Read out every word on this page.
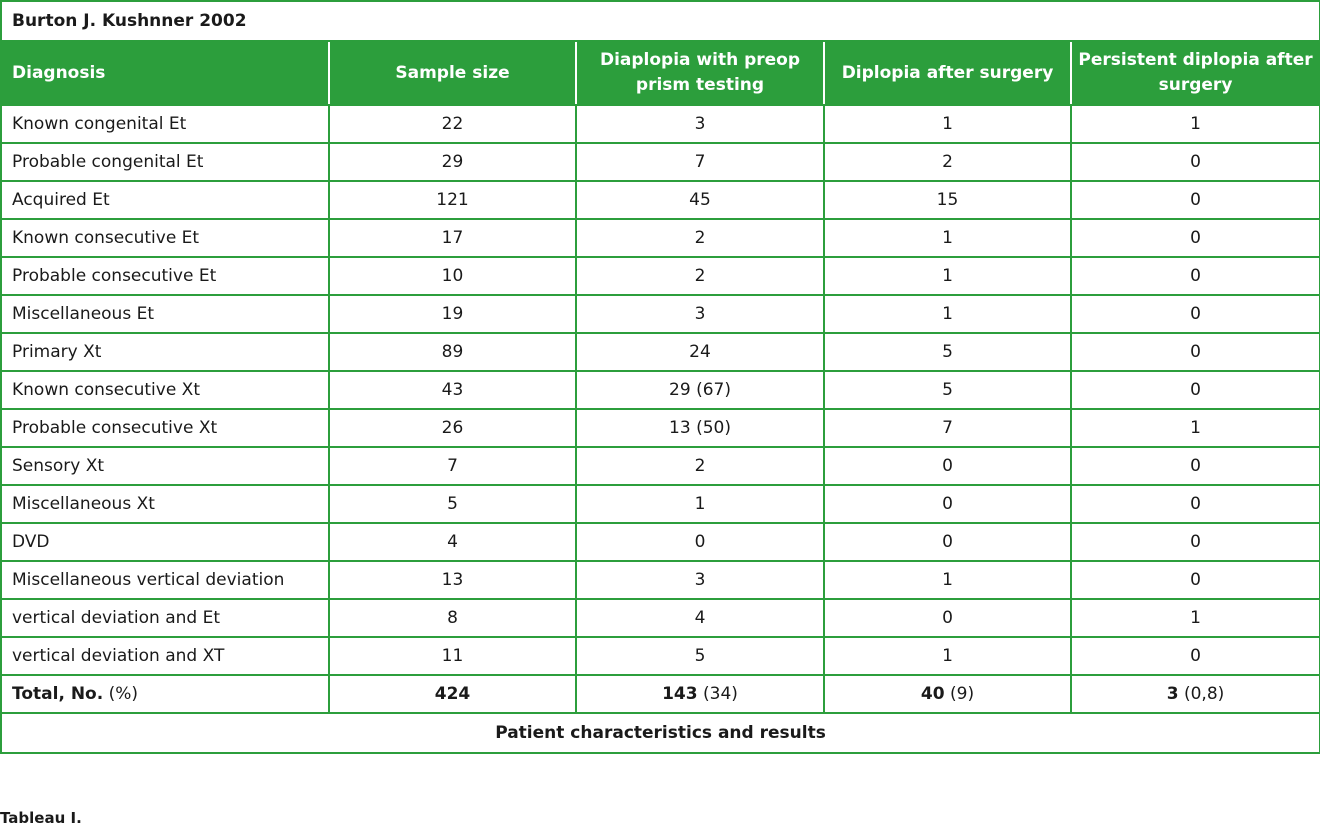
Burton J. Kushnner 2002				
Diagnosis	Sample size	Diaplopia with preop prism testing	Diplopia after surgery	Persistent diplopia after surgery
Known congenital Et	22	3	1	1
Probable congenital Et	29	7	2	0
Acquired Et	121	45	15	0
Known consecutive Et	17	2	1	0
Probable consecutive Et	10	2	1	0
Miscellaneous Et	19	3	1	0
Primary Xt	89	24	5	0
Known consecutive Xt	43	29 (67)	5	0
Probable consecutive Xt	26	13 (50)	7	1
Sensory Xt	7	2	0	0
Miscellaneous Xt	5	1	0	0
DVD	4	0	0	0
Miscellaneous vertical deviation	13	3	1	0
vertical deviation and Et	8	4	0	1
vertical deviation and XT	11	5	1	0
Total, No. (%)	424	143 (34)	40 (9)	3 (0,8)
Patient characteristics and results				
Tableau I.
